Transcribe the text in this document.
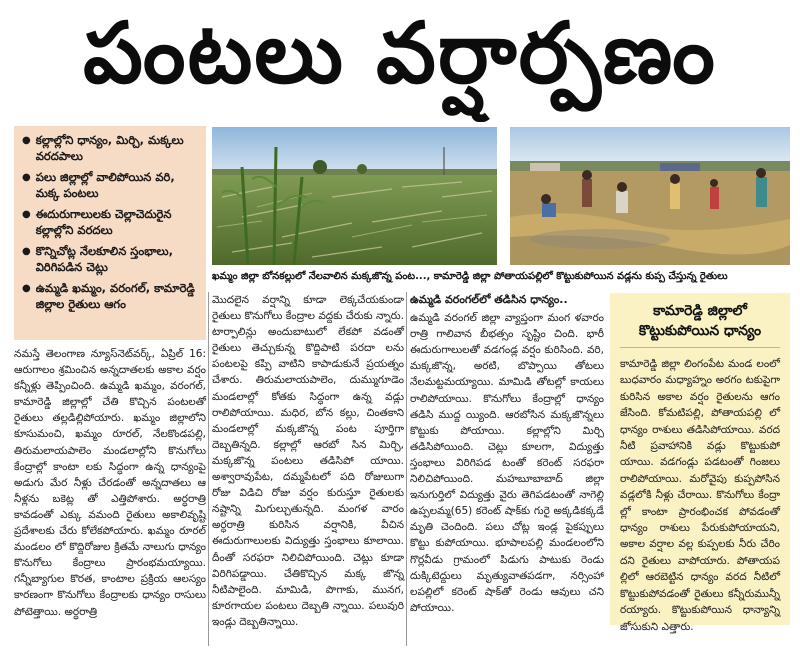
పంటలు వర్షార్పణం
● కల్లాల్లోని ధాన్యం, మిర్చి, మక్కలు వరదపాలు
● పలు జిల్లాల్లో వాలిపోయిన వరి, మక్క పంటలు
● ఈదురుగాలులకు చెల్లాచెదురైన కల్లాల్లోని వరదలు
● కొన్నిచోట్ల నేలకూలిన స్తంభాలు, విరిగిపడిన చెట్లు
● ఉమ్మడి ఖమ్మం, వరంగల్, కామారెడ్డి జిల్లాల రైతులు ఆగం
ఖమ్మం జిల్లా బోనకల్లులో నేలవాలిన మక్కజొన్న పంట..., కామారెడ్డి జిల్లా పోతాయపల్లిలో కొట్టుకుపోయిన వడ్లను కుప్ప చేస్తున్న రైతులు

నమస్తే తెలంగాణ న్యూస్‌నెట్‌వర్క్, ఏప్రిల్ 16: ఆరుగాలం శ్రమించిన అన్నదాతలకు అకాల వర్షం కన్నీళ్లు తెప్పించింది. ఉమ్మడి ఖమ్మం, వరంగల్, కామారెడ్డి జిల్లాల్లో చేతి కొచ్చిన పంటలతో రైతులు తల్లడిల్లిపోయారు. ఖమ్మం జిల్లాలోని కూసుమంచి, ఖమ్మం రూరల్, నేలకొండపల్లి, తిరుమలాయపాలెం మండలాల్లోని కొనుగోలు కేంద్రాల్లో కాంటా లకు సిద్ధంగా ఉన్న ధాన్యంపై అడుగు మేర నీళ్లు చేరడంతో అన్నదాతలు ఆ నీళ్లను బకెట్ల తో ఎత్తిపోశారు. అర్ధరాత్రి కావడంతో ఎక్కు వమంది రైతులు అకాలివృష్టి ప్రదేశాలకు చేరు కోలేకపోయారు. ఖమ్మం రూరల్ మండలం లో కొద్దిరోజుల క్రితమే నాలుగు ధాన్యం కొనుగోలు కేంద్రాలు ప్రారంభమయ్యాయి. గన్నీబ్యాగుల కొరత, కాంటాల ప్రక్రియ ఆలస్యం కారణంగా కొనుగోలు కేంద్రాలకు ధాన్యం రాసులు పోటెత్తాయి. అర్ధరాత్రి

మొదలైన వర్షాన్ని కూడా లెక్కచేయకుండా రైతులు కొనుగోలు కేంద్రాల వద్దకు చేరుకు న్నారు. టార్పాలిన్లు అందుబాటులో లేకపో వడంతో రైతులు తెచ్చుకున్న కొద్దిపాటి పరదా లను పంటలపై కప్పి వాటిని కాపాడుకునే ప్రయత్నం చేశారు. తిరుమలాయపాలెం, దుమ్ముగూడెం మండలాల్లో కోతకు సిద్ధంగా ఉన్న వడ్లు రాలిపోయాయి. మధిర, బోన కల్లు, చింతకాని మండలాల్లో మక్కజొన్న పంట పూర్తిగా దెబ్బతిన్నది. కల్లాల్లో ఆరబో సిన మిర్చి, మక్కజొన్న పంటలు తడిసిపో యాయి. అశ్వారావుపేట, దమ్మపేటలో పది రోజులుగా రోజు విడిచి రోజు వర్షం కురుస్తూ రైతులకు నష్టాన్ని మిగుల్చుతున్నది. మంగళ వారం అర్ధరాత్రి కురిసిన వర్షానికి, వీచిన ఈదురుగాలులకు విద్యుత్తు స్తంభాలు కూలాయి. దీంతో సరఫరా నిలిచిపోయింది. చెట్లు కూడా విరిగిపడ్డాయి. చేతికొచ్చిన మక్క జొన్న నీటిపాలైంది. మామిడి, పొగాకు, మునగ, కూరగాయల పంటలు దెబ్బతి న్నాయి. పలువురి ఇండ్లు దెబ్బతిన్నాయి.

ఉమ్మడి వరంగల్‌లో తడిసిన ధాన్యం..

ఉమ్మడి వరంగల్ జిల్లా వ్యాప్తంగా మంగ ళవారం రాత్రి గాలివాన బీభత్సం సృష్టిం చింది. భారీ ఈదురుగాలులతో వడగండ్ల వర్షం కురిసింది. వరి, మక్కజొన్న, అరటి, బొప్పాయి తోటలు నేలమట్టమయ్యాయి. మామిడి తోటల్లో కాయలు రాలిపోయాయి. కొనుగోలు కేంద్రాల్లో ధాన్యం తడిసి ముద్ద య్యింది. ఆరబోసిన మక్కజొన్నలు కొట్టుకు పోయాయి. కల్లాల్లోని మిర్చి తడిసిపోయింది. చెట్లు కూలగా, విద్యుత్తు స్తంభాలు విరిగిపడ టంతో కరెంట్ సరఫరా నిలిచిపోయింది. మహబూబాబాద్ జిల్లా ఇనుగుర్తిలో విద్యుత్తు వైరు తెగిపడటంతో నాగెల్లి ఉప్పలమ్మ(65) కరెంట్ షాక్‌కు గురై అక్కడికక్కడే మృతి చెందింది. పలు చోట్ల ఇండ్ల పైకప్పులు కొట్టు కుపోయాయి. భూపాలపల్లి మండలంలోని గొర్లవీడు గ్రామంలో పిడుగు పాటుకు రెండు దుక్కిటెద్దులు మృత్యువాతపడగా, నర్సింహా లపల్లిలో కరెంట్ షాక్‌తో రెండు ఆవులు చని పోయాయి.

కామారెడ్డి జిల్లాలో కొట్టుకుపోయిన ధాన్యం
కామారెడ్డి జిల్లా లింగంపేట మండ లంలో బుధవారం మధ్యాహ్నం అరగం టకుపైగా కురిసిన అకాల వర్షం రైతులను ఆగం జేసింది. కోమటిపల్లి, పోతాయపల్లి లో ధాన్యం రాశులు తడిసిపోయాయి. వరద నీటి ప్రవాహానికి వడ్లు కొట్టుకుపో యాయి. వడగండ్లు పడటంతో గింజలు రాలిపోయాయి. మరోవైపు కుప్పపోసిన వడ్లలోకి నీళ్లు చేరాయి. కొనుగోలు కేంద్రా ల్లో కాంటా ప్రారంభించక పోవడంతో ధాన్యం రాశులు పేరుకుపోయాయని, అకాల వర్షాల వల్ల కుప్పలకు నీరు చేరిం దని రైతులు వాపోయారు. పోతాయప ల్లిలో ఆరబెట్టిన ధాన్యం వరద నీటిలో కొట్టుకుపోవడంతో రైతులు కన్నీరుమున్నీ రయ్యారు. కొట్టుకుపోయిన ధాన్యాన్ని జోసుకుని ఎత్తారు.
